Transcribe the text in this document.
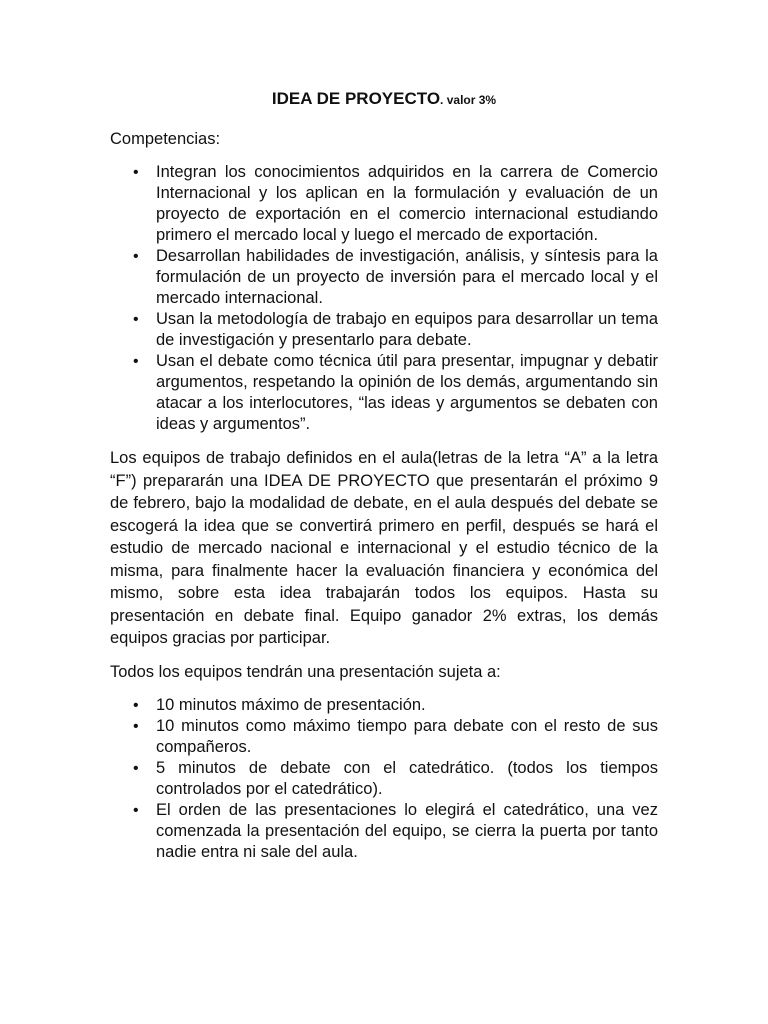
IDEA DE PROYECTO. valor 3%
Competencias:
• Integran los conocimientos adquiridos en la carrera de Comercio Internacional y los aplican en la formulación y evaluación de un proyecto de exportación en el comercio internacional estudiando primero el mercado local y luego el mercado de exportación.
• Desarrollan habilidades de investigación, análisis, y síntesis para la formulación de un proyecto de inversión para el mercado local y el mercado internacional.
• Usan la metodología de trabajo en equipos para desarrollar un tema de investigación y presentarlo para debate.
• Usan el debate como técnica útil para presentar, impugnar y debatir argumentos, respetando la opinión de los demás, argumentando sin atacar a los interlocutores, “las ideas y argumentos se debaten con ideas y argumentos”.

Los equipos de trabajo definidos en el aula(letras de la letra “A” a la letra “F”) prepararán una IDEA DE PROYECTO que presentarán el próximo 9 de febrero, bajo la modalidad de debate, en el aula después del debate se escogerá la idea que se convertirá primero en perfil, después se hará el estudio de mercado nacional e internacional y el estudio técnico de la misma, para finalmente hacer la evaluación financiera y económica del mismo, sobre esta idea trabajarán todos los equipos. Hasta su presentación en debate final. Equipo ganador 2% extras, los demás equipos gracias por participar.

Todos los equipos tendrán una presentación sujeta a:

• 10 minutos máximo de presentación.
• 10 minutos como máximo tiempo para debate con el resto de sus compañeros.
• 5 minutos de debate con el catedrático. (todos los tiempos controlados por el catedrático).
• El orden de las presentaciones lo elegirá el catedrático, una vez comenzada la presentación del equipo, se cierra la puerta por tanto nadie entra ni sale del aula.
